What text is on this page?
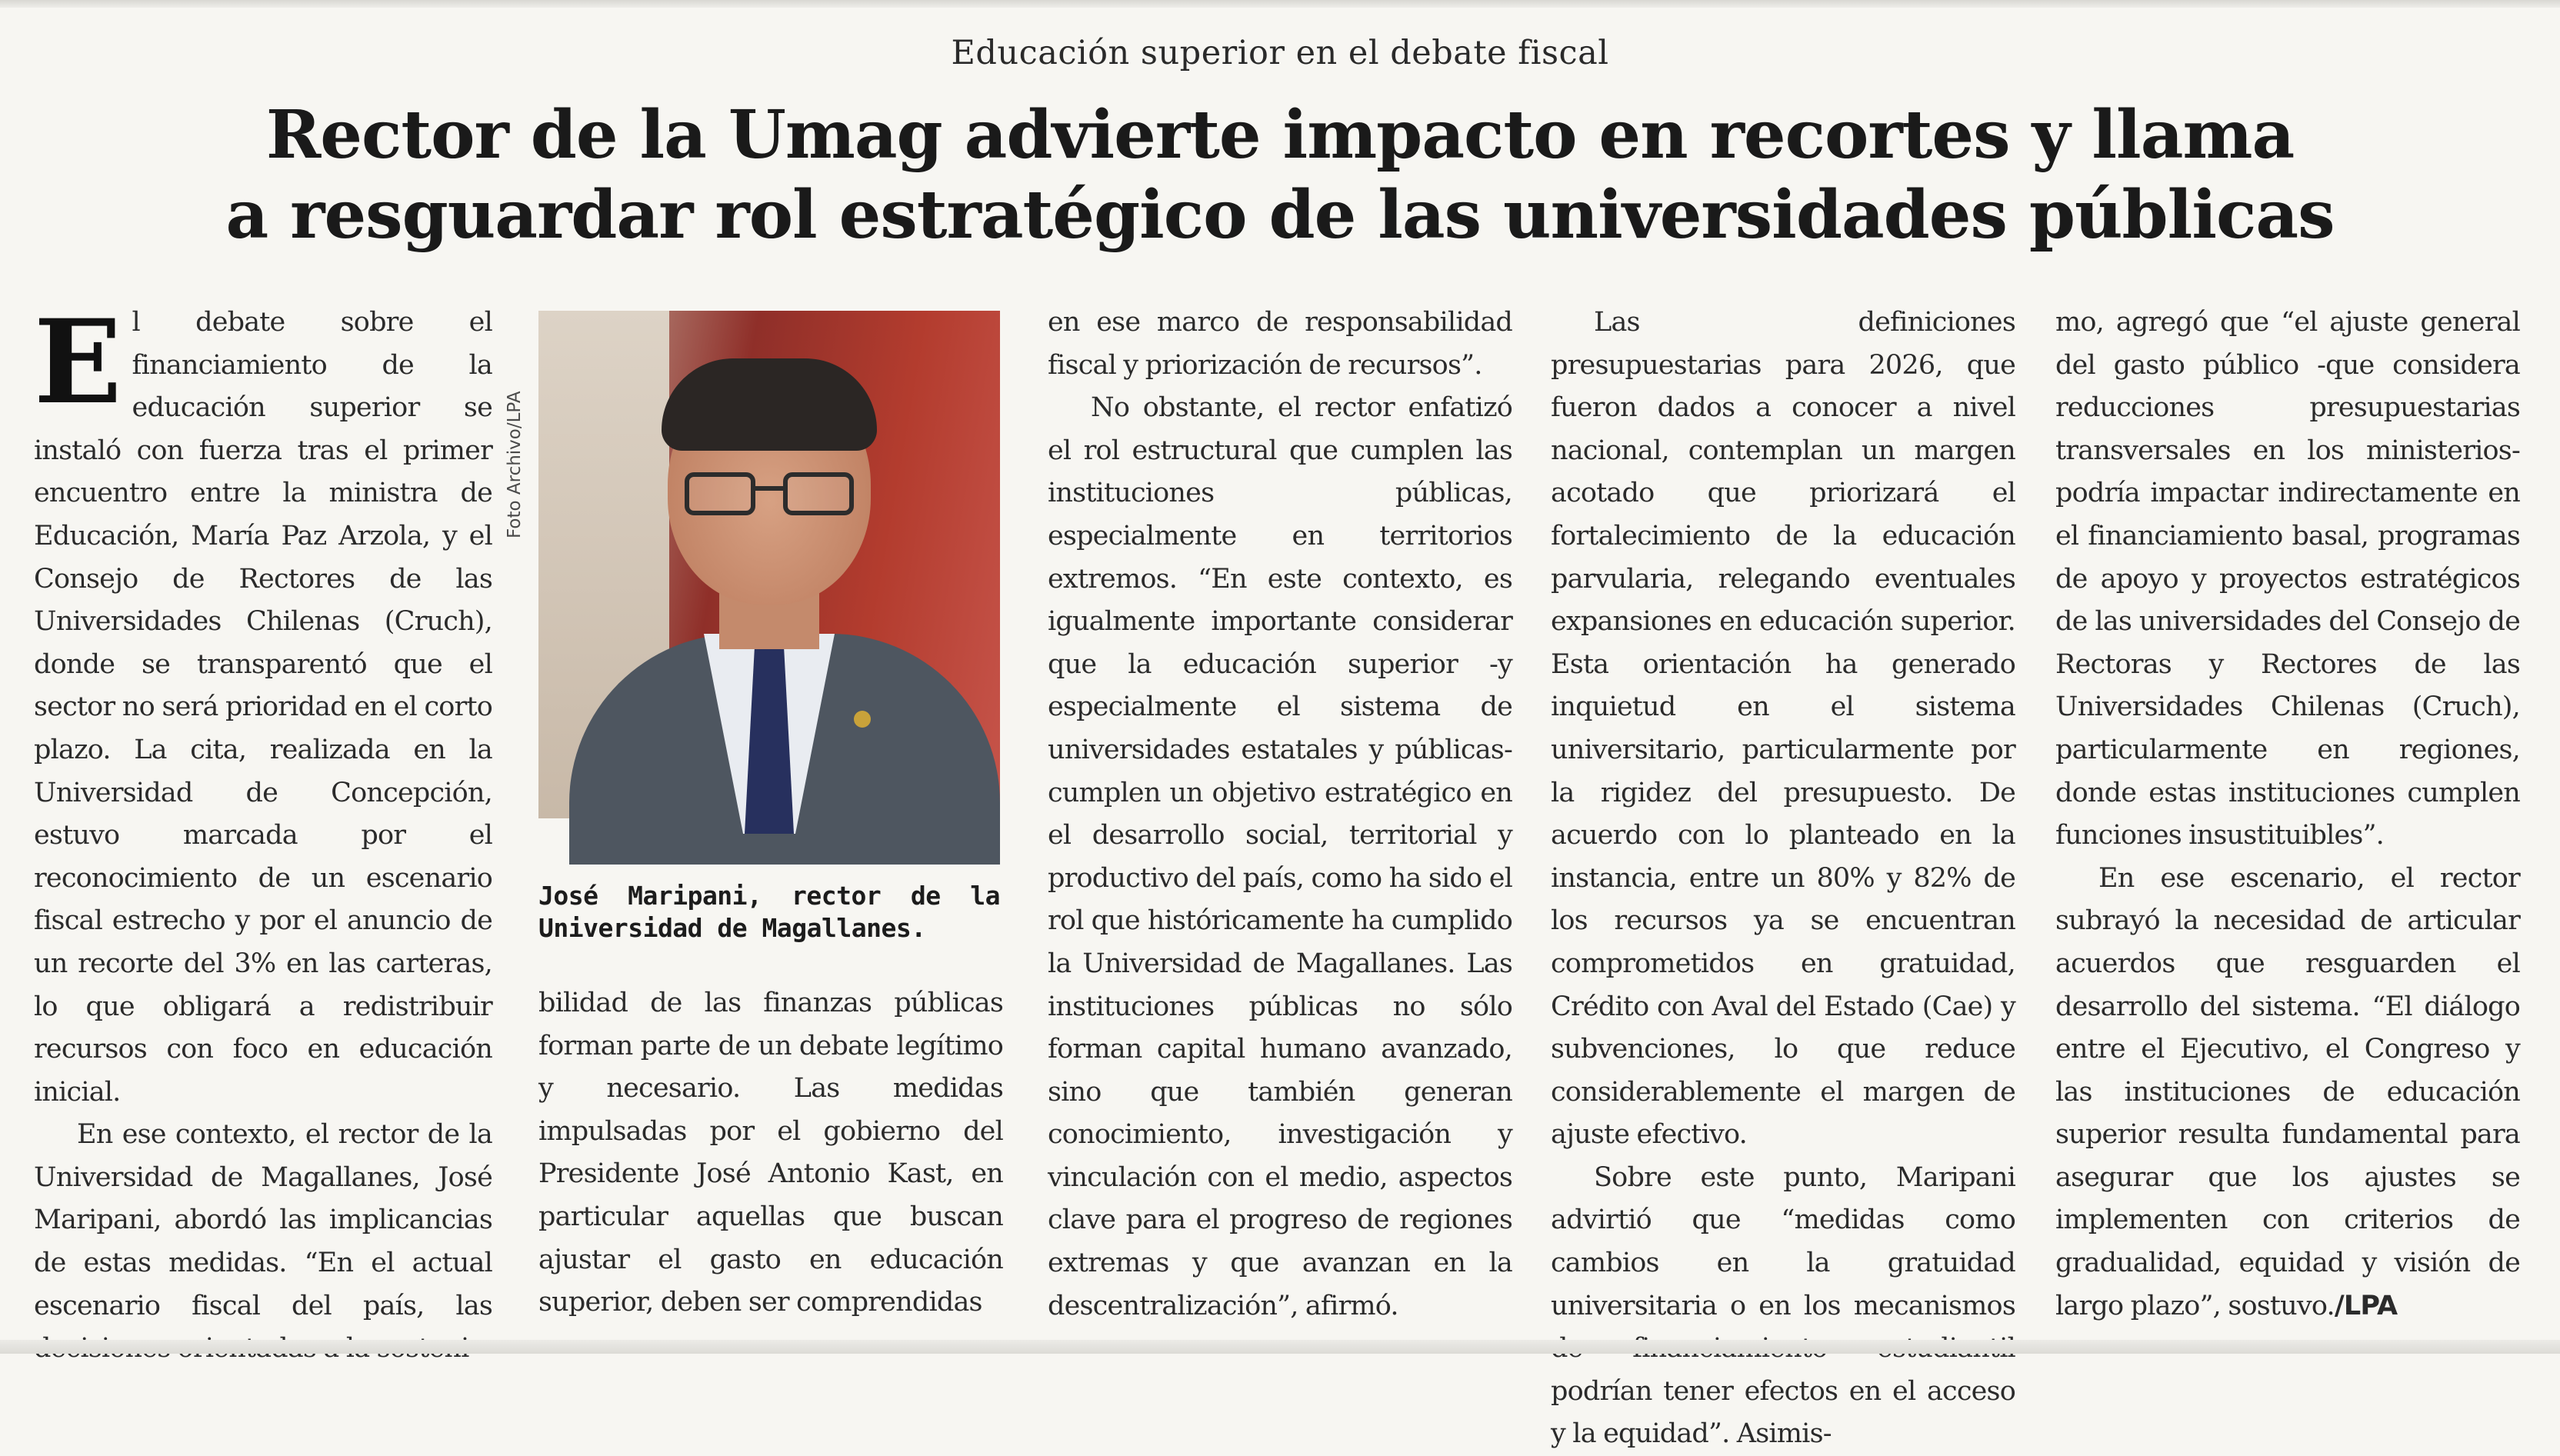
Educación superior en el debate fiscal
Rector de la Umag advierte impacto en recortes y llama
a resguardar rol estratégico de las universidades públicas

El debate sobre el financiamiento de la educación superior se instaló con fuerza tras el primer encuentro entre la ministra de Educación, María Paz Arzola, y el Consejo de Rectores de las Universidades Chilenas (Cruch), donde se transparentó que el sector no será prioridad en el corto plazo. La cita, realizada en la Universidad de Concepción, estuvo marcada por el reconocimiento de un escenario fiscal estrecho y por el anuncio de un recorte del 3% en las carteras, lo que obligará a redistribuir recursos con foco en educación inicial.

En ese contexto, el rector de la Universidad de Magallanes, José Maripani, abordó las implicancias de estas medidas. “En el actual escenario fiscal del país, las

Foto Archivo/LPA
José Maripani, rector de la Universidad de Magallanes.

bilidad de las finanzas públicas forman parte de un debate legítimo y necesario. Las medidas impulsadas por el gobierno del Presidente José Antonio Kast, en particular aquellas que buscan ajustar el gasto en educación superior, deben ser comprendidas

en ese marco de responsabilidad fiscal y priorización de recursos”.

No obstante, el rector enfatizó el rol estructural que cumplen las instituciones públicas, especialmente en territorios extremos. “En este contexto, es igualmente importante considerar que la educación superior -y especialmente el sistema de universidades estatales y públicas- cumplen un objetivo estratégico en el desarrollo social, territorial y productivo del país, como ha sido el rol que históricamente ha cumplido la Universidad de Magallanes. Las instituciones públicas no sólo forman capital humano avanzado, sino que también generan conocimiento, investigación y vinculación con el medio, aspectos clave para el progreso de regiones extremas y que avanzan en la descentralización”, afirmó.

Las definiciones presupuestarias para 2026, que fueron dados a conocer a nivel nacional, contemplan un margen acotado que priorizará el fortalecimiento de la educación parvularia, relegando eventuales expansiones en educación superior. Esta orientación ha generado inquietud en el sistema universitario, particularmente por la rigidez del presupuesto. De acuerdo con lo planteado en la instancia, entre un 80% y 82% de los recursos ya se encuentran comprometidos en gratuidad, Crédito con Aval del Estado (Cae) y subvenciones, lo que reduce considerablemente el margen de ajuste efectivo.

Sobre este punto, Maripani advirtió que “medidas como cambios en la gratuidad universitaria o en los mecanismos podrían tener efectos en el acceso y la equidad”. Asimis-

mo, agregó que “el ajuste general del gasto público -que considera reducciones presupuestarias transversales en los ministerios- podría impactar indirectamente en el financiamiento basal, programas de apoyo y proyectos estratégicos de las universidades del Consejo de Rectoras y Rectores de las Universidades Chilenas (Cruch), particularmente en regiones, donde estas instituciones cumplen funciones insustituibles”.

En ese escenario, el rector subrayó la necesidad de articular acuerdos que resguarden el desarrollo del sistema. “El diálogo entre el Ejecutivo, el Congreso y las instituciones de educación superior resulta fundamental para asegurar que los ajustes se implementen con criterios de gradualidad, equidad y visión de largo plazo”, sostuvo./LPA
